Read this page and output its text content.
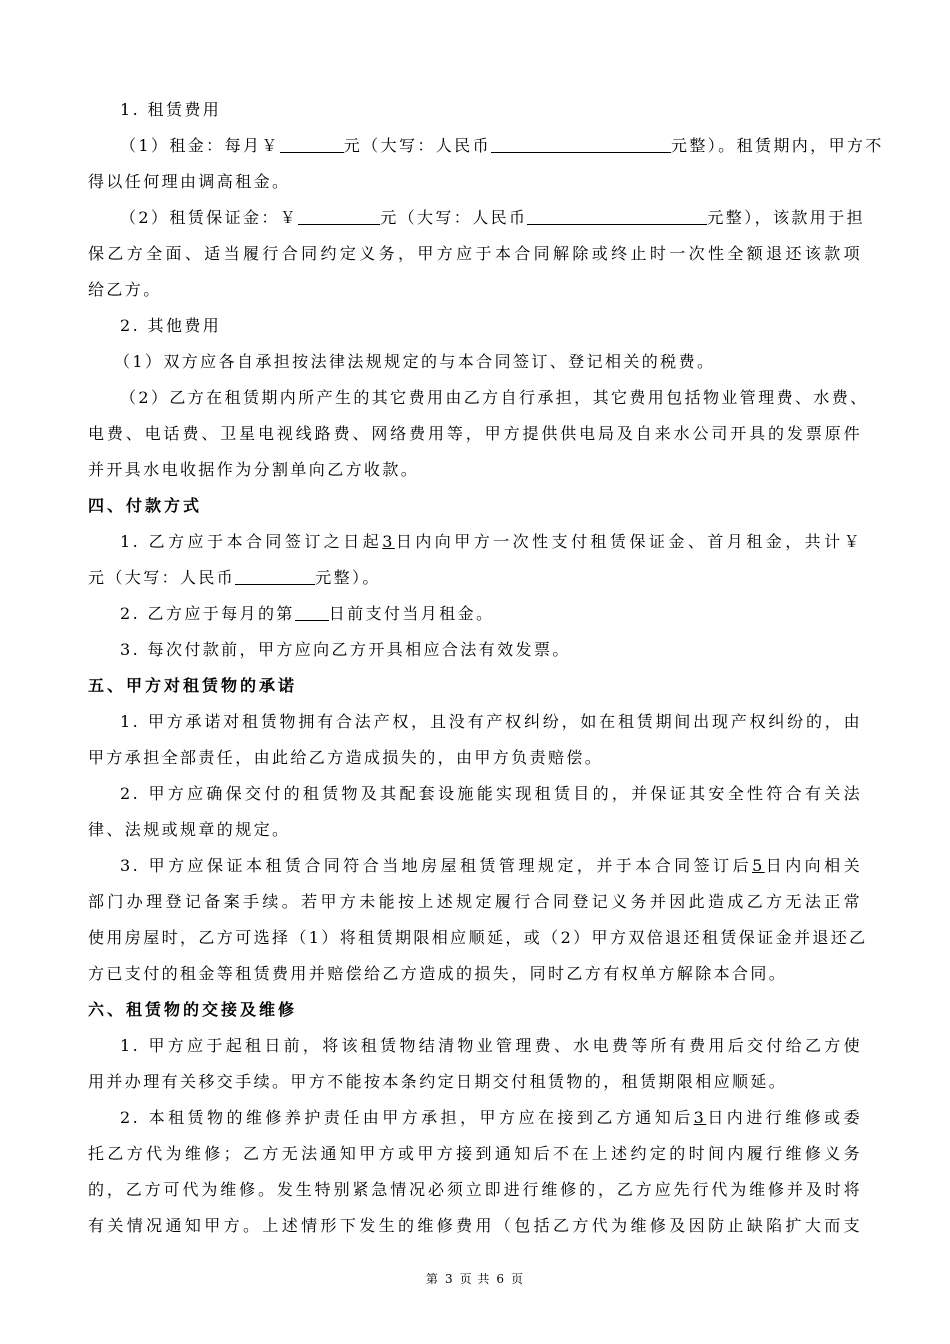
1. 租赁费用
（1）租金：每月￥	元（大写：人民币	元整）。租赁期内，甲方不
得以任何理由调高租金。
（2）租赁保证金：￥	元（大写：人民币	元整），该款用于担
保乙方全面、适当履行合同约定义务，甲方应于本合同解除或终止时一次性全额退还该款项
给乙方。
2. 其他费用
（1）双方应各自承担按法律法规规定的与本合同签订、登记相关的税费。
（2）乙方在租赁期内所产生的其它费用由乙方自行承担，其它费用包括物业管理费、水费、
电费、电话费、卫星电视线路费、网络费用等，甲方提供供电局及自来水公司开具的发票原件
并开具水电收据作为分割单向乙方收款。
四、付款方式
1. 乙方应于本合同签订之日起3日内向甲方一次性支付租赁保证金、首月租金，共计￥
元（大写：人民币	元整）。
2. 乙方应于每月的第 日前支付当月租金。
3. 每次付款前，甲方应向乙方开具相应合法有效发票。
五、甲方对租赁物的承诺
1. 甲方承诺对租赁物拥有合法产权，且没有产权纠纷，如在租赁期间出现产权纠纷的，由
甲方承担全部责任，由此给乙方造成损失的，由甲方负责赔偿。
2. 甲方应确保交付的租赁物及其配套设施能实现租赁目的，并保证其安全性符合有关法
律、法规或规章的规定。
3. 甲方应保证本租赁合同符合当地房屋租赁管理规定，并于本合同签订后5日内向相关
部门办理登记备案手续。若甲方未能按上述规定履行合同登记义务并因此造成乙方无法正常
使用房屋时，乙方可选择（1）将租赁期限相应顺延，或（2）甲方双倍退还租赁保证金并退还乙
方已支付的租金等租赁费用并赔偿给乙方造成的损失，同时乙方有权单方解除本合同。
六、租赁物的交接及维修
1. 甲方应于起租日前，将该租赁物结清物业管理费、水电费等所有费用后交付给乙方使
用并办理有关移交手续。甲方不能按本条约定日期交付租赁物的，租赁期限相应顺延。
2. 本租赁物的维修养护责任由甲方承担，甲方应在接到乙方通知后3日内进行维修或委
托乙方代为维修；乙方无法通知甲方或甲方接到通知后不在上述约定的时间内履行维修义务
的，乙方可代为维修。发生特别紧急情况必须立即进行维修的，乙方应先行代为维修并及时将
有关情况通知甲方。上述情形下发生的维修费用（包括乙方代为维修及因防止缺陷扩大而支
第 3 页 共 6 页
